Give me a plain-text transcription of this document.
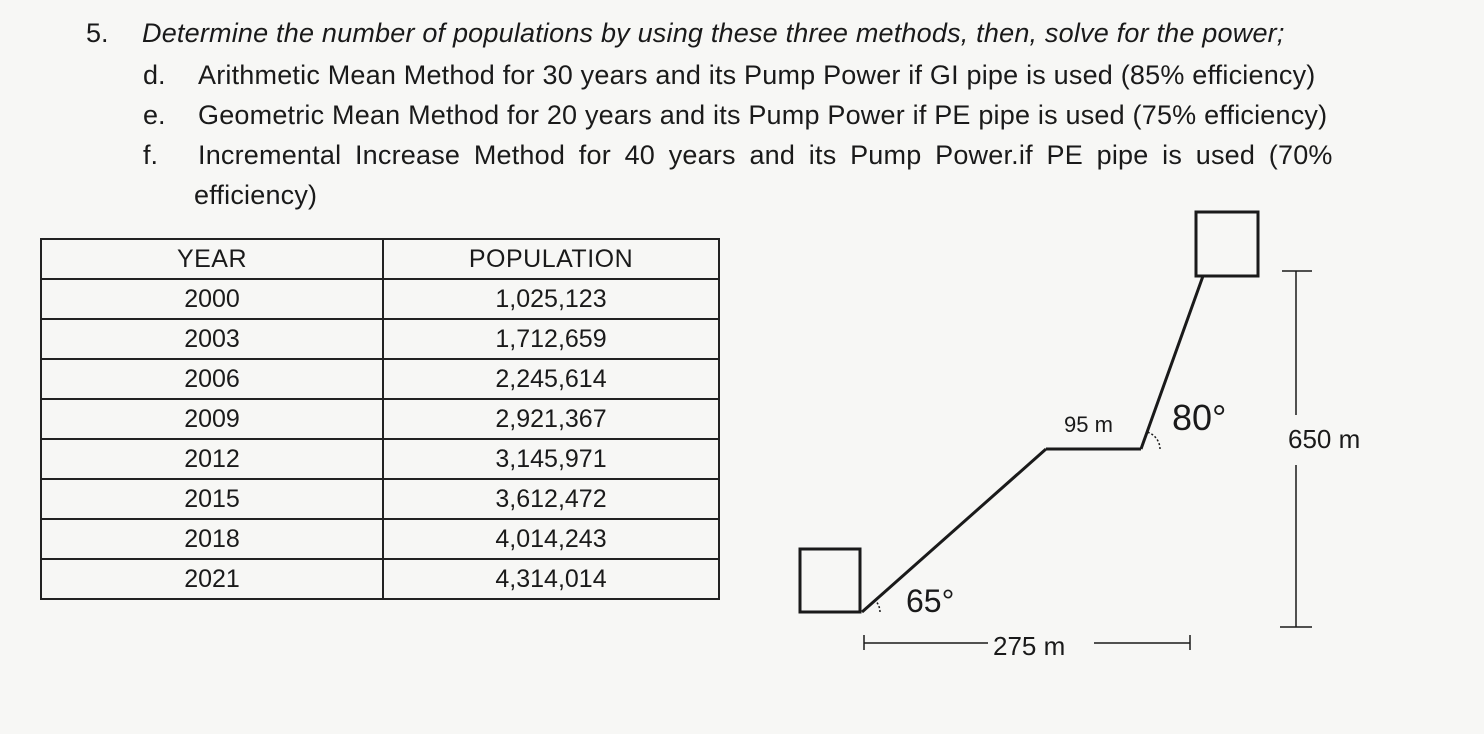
5. Determine the number of populations by using these three methods, then, solve for the power;
d. Arithmetic Mean Method for 30 years and its Pump Power if GI pipe is used (85% efficiency)
e. Geometric Mean Method for 20 years and its Pump Power if PE pipe is used (75% efficiency)
f. Incremental Increase Method for 40 years and its Pump Power.if PE pipe is used (70%
efficiency)
YEAR	POPULATION
2000	1,025,123
2003	1,712,659
2006	2,245,614
2009	2,921,367
2012	3,145,971
2015	3,612,472
2018	4,014,243
2021	4,314,014
65°
80°
95 m
275 m
650 m
